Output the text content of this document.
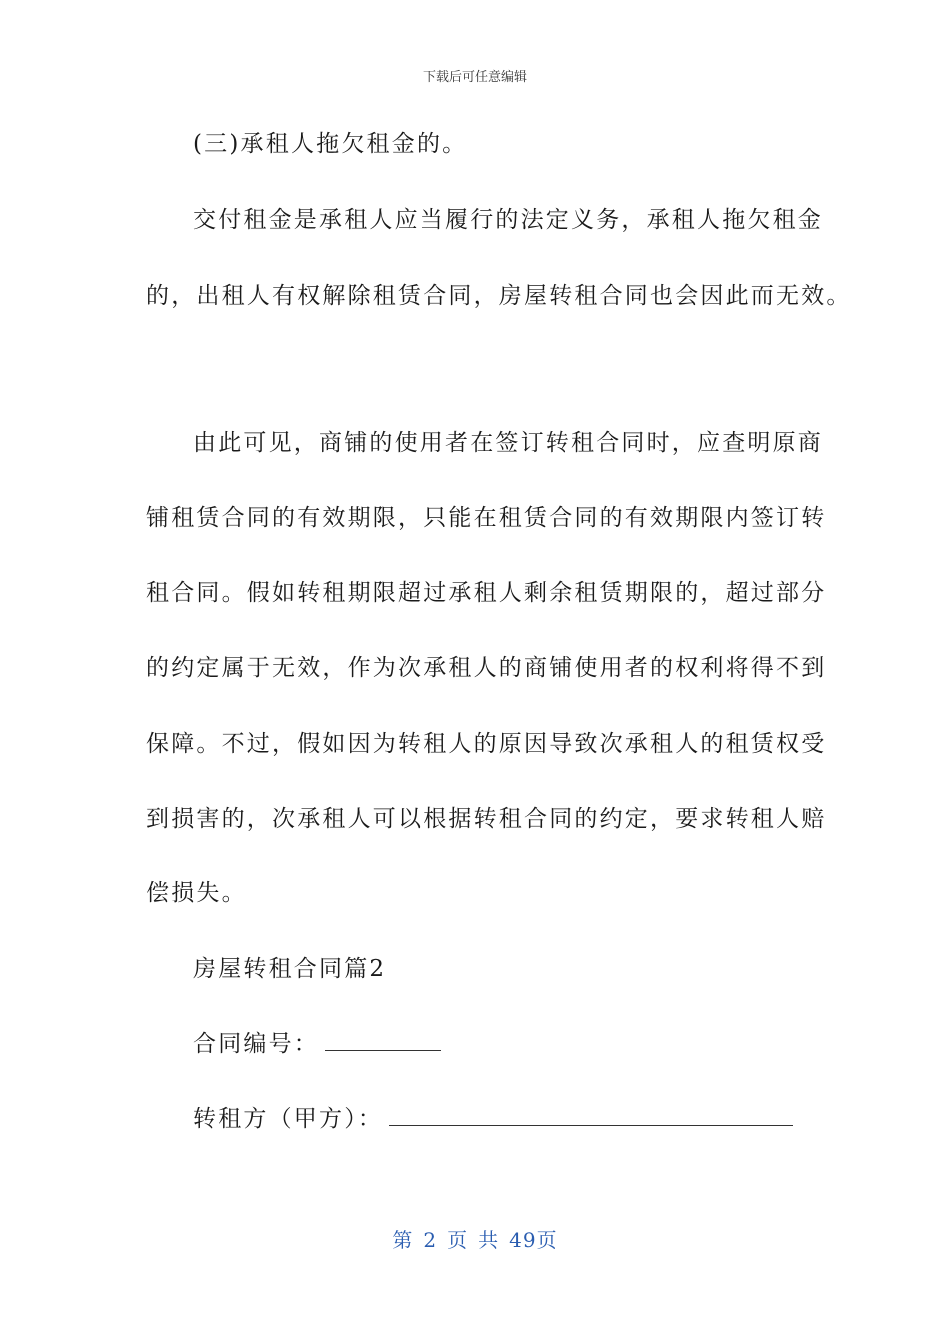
下载后可任意编辑
(三)承租人拖欠租金的。
交付租金是承租人应当履行的法定义务，承租人拖欠租金
的，出租人有权解除租赁合同，房屋转租合同也会因此而无效。
由此可见，商铺的使用者在签订转租合同时，应查明原商
铺租赁合同的有效期限，只能在租赁合同的有效期限内签订转
租合同。假如转租期限超过承租人剩余租赁期限的，超过部分
的约定属于无效，作为次承租人的商铺使用者的权利将得不到
保障。不过，假如因为转租人的原因导致次承租人的租赁权受
到损害的，次承租人可以根据转租合同的约定，要求转租人赔
偿损失。
房屋转租合同篇2
合同编号：
转租方（甲方）：
第 2 页 共 49页
